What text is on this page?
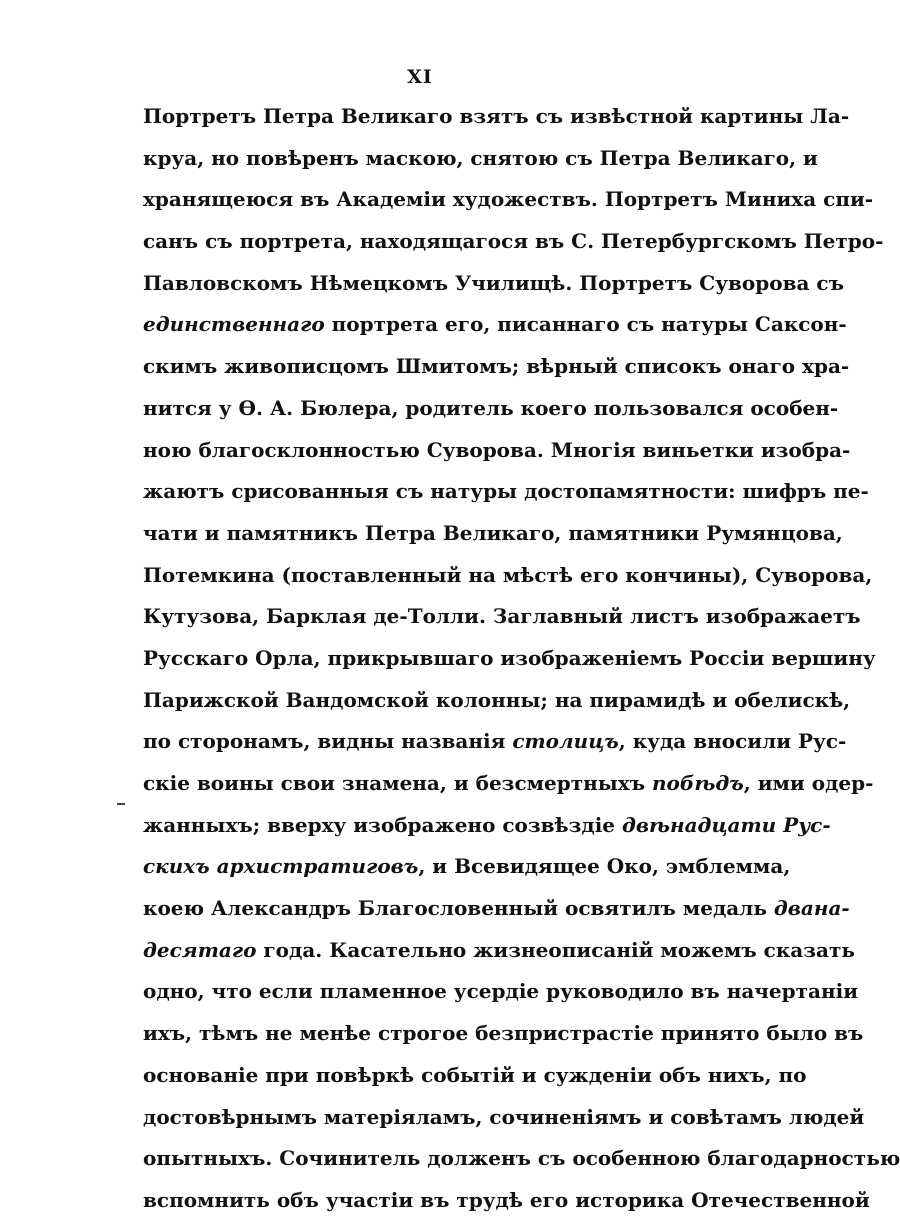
XI
Портретъ Петра Великаго взятъ съ извѣстной картины Ла-
круа, но повѣренъ маскою, снятою съ Петра Великаго, и
хранящеюся въ Академіи художествъ. Портретъ Миниха спи-
санъ съ портрета, находящагося въ С. Петербургскомъ Петро-
Павловскомъ Нѣмецкомъ Училищѣ. Портретъ Суворова съ
единственнаго портрета его, писаннаго съ натуры Саксон-
скимъ живописцомъ Шмитомъ; вѣрный списокъ онаго хра-
нится у Ѳ. А. Бюлера, родитель коего пользовался особен-
ною благосклонностью Суворова. Многія виньетки изобра-
жаютъ срисованныя съ натуры достопамятности: шифръ пе-
чати и памятникъ Петра Великаго, памятники Румянцова,
Потемкина (поставленный на мѣстѣ его кончины), Суворова,
Кутузова, Барклая де-Толли. Заглавный листъ изображаетъ
Русскаго Орла, прикрывшаго изображеніемъ Россіи вершину
Парижской Вандомской колонны; на пирамидѣ и обелискѣ,
по сторонамъ, видны названія столицъ, куда вносили Рус-
скіе воины свои знамена, и безсмертныхъ побѣдъ, ими одер-
жанныхъ; вверху изображено созвѣздіе двѣнадцати Рус-
скихъ архистратиговъ, и Всевидящее Око, эмблемма,
коею Александръ Благословенный освятилъ медаль двана-
десятаго года. Касательно жизнеописаній можемъ сказать
одно, что если пламенное усердіе руководило въ начертаніи
ихъ, тѣмъ не менѣе строгое безпристрастіе принято было въ
основаніе при повѣркѣ событій и сужденіи объ нихъ, по
достовѣрнымъ матеріяламъ, сочиненіямъ и совѣтамъ людей
опытныхъ. Сочинитель долженъ съ особенною благодарностью
вспомнить объ участіи въ трудѣ его историка Отечественной
